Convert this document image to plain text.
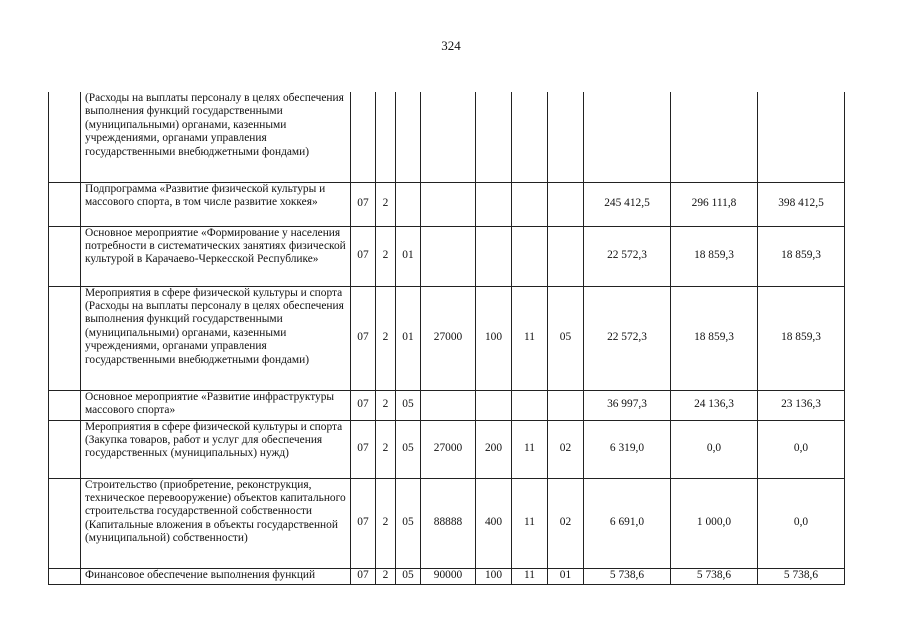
324
	(Расходы на выплаты персоналу в целях обеспечения выполнения функций государственными (муниципальными) органами, казенными учреждениями, органами управления государственными внебюджетными фондами)										
	Подпрограмма «Развитие физической культуры и массового спорта, в том числе развитие хоккея»	07	2						245 412,5	296 111,8	398 412,5
	Основное мероприятие «Формирование у населения потребности в систематических занятиях физической культурой в Карачаево-Черкесской Республике»	07	2	01					22 572,3	18 859,3	18 859,3
	Мероприятия в сфере физической культуры и спорта (Расходы на выплаты персоналу в целях обеспечения выполнения функций государственными (муниципальными) органами, казенными учреждениями, органами управления государственными внебюджетными фондами)	07	2	01	27000	100	11	05	22 572,3	18 859,3	18 859,3
	Основное мероприятие «Развитие инфраструктуры массового спорта»	07	2	05					36 997,3	24 136,3	23 136,3
	Мероприятия в сфере физической культуры и спорта (Закупка товаров, работ и услуг для обеспечения государственных (муниципальных) нужд)	07	2	05	27000	200	11	02	6 319,0	0,0	0,0
	Строительство (приобретение, реконструкция, техническое перевооружение) объектов капитального строительства государственной собственности (Капитальные вложения в объекты государственной (муниципальной) собственности)	07	2	05	88888	400	11	02	6 691,0	1 000,0	0,0
	Финансовое обеспечение выполнения функций	07	2	05	90000	100	11	01	5 738,6	5 738,6	5 738,6
